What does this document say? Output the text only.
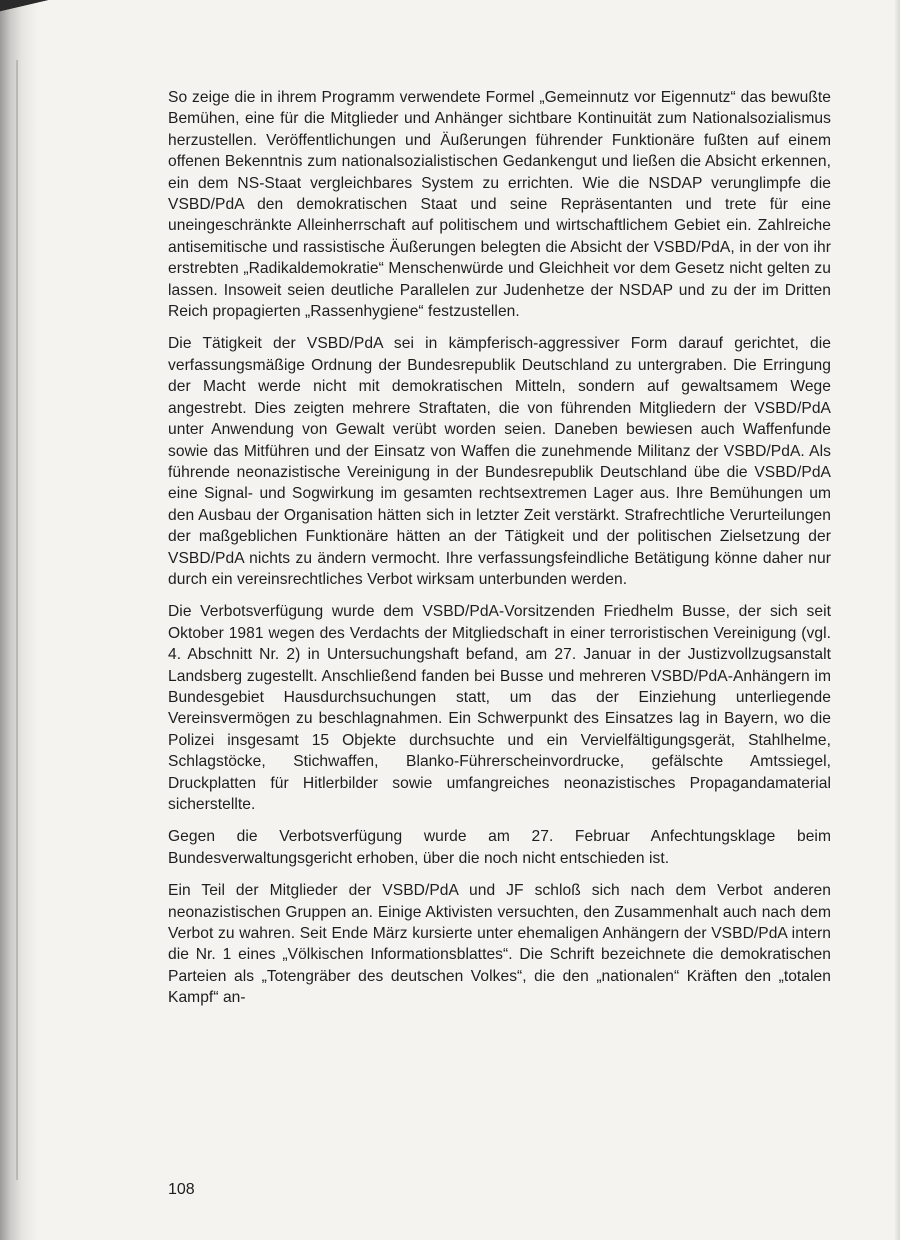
So zeige die in ihrem Programm verwendete Formel „Gemeinnutz vor Eigennutz“ das bewußte Bemühen, eine für die Mitglieder und Anhänger sichtbare Kontinuität zum Nationalsozialismus herzustellen. Veröffentlichungen und Äußerungen führender Funktionäre fußten auf einem offenen Bekenntnis zum nationalsozialistischen Gedankengut und ließen die Absicht erkennen, ein dem NS-Staat vergleichbares System zu errichten. Wie die NSDAP verunglimpfe die VSBD/PdA den demokratischen Staat und seine Repräsentanten und trete für eine uneingeschränkte Alleinherrschaft auf politischem und wirtschaftlichem Gebiet ein. Zahlreiche antisemitische und rassistische Äußerungen belegten die Absicht der VSBD/PdA, in der von ihr erstrebten „Radikaldemokratie“ Menschenwürde und Gleichheit vor dem Gesetz nicht gelten zu lassen. Insoweit seien deutliche Parallelen zur Judenhetze der NSDAP und zu der im Dritten Reich propagierten „Rassenhygiene“ festzustellen.

Die Tätigkeit der VSBD/PdA sei in kämpferisch-aggressiver Form darauf gerichtet, die verfassungsmäßige Ordnung der Bundesrepublik Deutschland zu untergraben. Die Erringung der Macht werde nicht mit demokratischen Mitteln, sondern auf gewaltsamem Wege angestrebt. Dies zeigten mehrere Straftaten, die von führenden Mitgliedern der VSBD/PdA unter Anwendung von Gewalt verübt worden seien. Daneben bewiesen auch Waffenfunde sowie das Mitführen und der Einsatz von Waffen die zunehmende Militanz der VSBD/PdA. Als führende neonazistische Vereinigung in der Bundesrepublik Deutschland übe die VSBD/PdA eine Signal- und Sogwirkung im gesamten rechtsextremen Lager aus. Ihre Bemühungen um den Ausbau der Organisation hätten sich in letzter Zeit verstärkt. Strafrechtliche Verurteilungen der maßgeblichen Funktionäre hätten an der Tätigkeit und der politischen Zielsetzung der VSBD/PdA nichts zu ändern vermocht. Ihre verfassungsfeindliche Betätigung könne daher nur durch ein vereinsrechtliches Verbot wirksam unterbunden werden.

Die Verbotsverfügung wurde dem VSBD/PdA-Vorsitzenden Friedhelm Busse, der sich seit Oktober 1981 wegen des Verdachts der Mitgliedschaft in einer terroristischen Vereinigung (vgl. 4. Abschnitt Nr. 2) in Untersuchungshaft befand, am 27. Januar in der Justizvollzugsanstalt Landsberg zugestellt. Anschließend fanden bei Busse und mehreren VSBD/PdA-Anhängern im Bundesgebiet Hausdurchsuchungen statt, um das der Einziehung unterliegende Vereinsvermögen zu beschlagnahmen. Ein Schwerpunkt des Einsatzes lag in Bayern, wo die Polizei insgesamt 15 Objekte durchsuchte und ein Vervielfältigungsgerät, Stahlhelme, Schlagstöcke, Stichwaffen, Blanko-Führerscheinvordrucke, gefälschte Amtssiegel, Druckplatten für Hitlerbilder sowie umfangreiches neonazistisches Propagandamaterial sicherstellte.

Gegen die Verbotsverfügung wurde am 27. Februar Anfechtungsklage beim Bundesverwaltungsgericht erhoben, über die noch nicht entschieden ist.

Ein Teil der Mitglieder der VSBD/PdA und JF schloß sich nach dem Verbot anderen neonazistischen Gruppen an. Einige Aktivisten versuchten, den Zusammenhalt auch nach dem Verbot zu wahren. Seit Ende März kursierte unter ehemaligen Anhängern der VSBD/PdA intern die Nr. 1 eines „Völkischen Informationsblattes“. Die Schrift bezeichnete die demokratischen Parteien als „Totengräber des deutschen Volkes“, die den „nationalen“ Kräften den „totalen Kampf“ an-

108
